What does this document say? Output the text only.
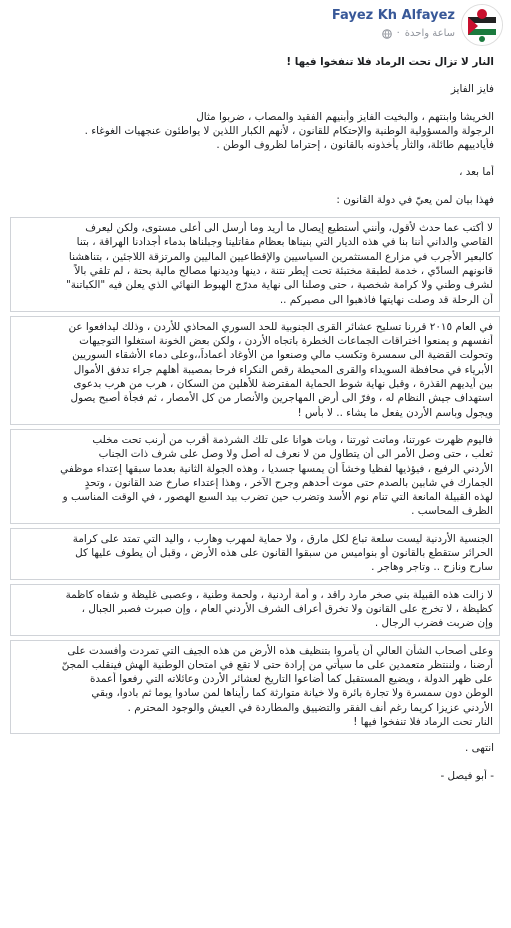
Fayez Kh Alfayez
ساعة واحدة
·
النار لا تزال تحت الرماد فلا تنفخوا فيها !
فايز الفايز
الخريشا وابنتهم ، والبخيت الفايز وأبنيهم الفقيد والمصاب ، ضربوا مثال
الرجولة والمسؤولية الوطنية والإحتكام للقانون ، لأنهم الكبار اللذين لا يواطئون عنجهيات الغوغاء .
فأيادييهم طائلة، والثأر يأخذونه بالقانون ، إحتراما لظروف الوطن .
أما بعد ،
فهذا بيان لمن يعيّ في دولة القانون :
لا أكتب عما حدث لأقول، وأنني أستطيع إيصال ما أريد وما أرسل الى أعلى مستوى، ولكن ليعرف
القاصي والداني أننا بنا في هذه الديار التي بنيناها بعظام مقاتلينا وجبلناها بدماء أجدادنا الهراقة ، بتنا
كالبعير الأجرب في مزارع المستثمرين السياسيين والإقطاعيين الماليين والمرتزقة اللاجئين ، بتناهشنا
قانونهم السادّي ، خدمة لطبقة مختبئة تحت إيطر نتنة ، دينها وديدنها مصالح مالية بحتة ، لم تلقي بالاً
لشرف وطني ولا كرامة شخصية ، حتى وصلنا الى نهاية مدرّج الهبوط النهائي الذي يعلن فيه "الكباتنة"
أن الرحلة قد وصلت نهايتها فاذهبوا الى مصيركم ..
في العام ٢٠١٥ قررنا تسليح عشائر القرى الجنوبية للحد السوري المحاذي للأردن ، وذلك ليدافعوا عن
أنفسهم و يمنعوا اختراقات الجماعات الخطرة باتجاه الأردن ، ولكن بعض الخونة استغلوا التوجيهات
وتحولت القضية الى سمسرة وتكسب مالي وصنعوا من الأوغاد أعماداً،،وعلى دماء الأشقاء السوريين
الأبرياء في محافظة السويداء والقرى المحيطة رقص النكراء فرحا بمصيبة أهلهم جراء تدفق الأموال
بين أيديهم القذرة ، وقبل نهاية شوط الحماية المفترضة للأهلين من السكان ، هرب من هرب بدعوى
استهداف جيش النظام له ، وفرّ الى أرض المهاجرين والأنصار من كل الأمصار ، ثم فجأة أصبح يصول
ويجول وباسم الأردن يفعل ما يشاء .. لا بأس !
فاليوم ظهرت عورتنا، وماتت ثورتنا ، وبات هوانا على تلك الشرذمة أقرب من أرنب تحت مخلب
ثعلب ، حتى وصل الأمر الى أن يتطاول من لا نعرف له أصل ولا وصل على شرف ذات الجناب
الأردني الرفيع ، فيؤذيها لفظيا وخشاً أن يمسها جسديا ، وهذه الجولة الثانية بعدما سبقها إعتداء موظفي
الجمارك في شابين بالصدم حتى موت أحدهم وجرح الآخر ، وهذا إعتداء صارخ ضد القانون ، وتحدٍ
لهذه القبيلة المانعة التي تنام نوم الأسد وتضرب حين تضرب بيد السبع الهصور ، في الوقت المناسب و
الظرف المحاسب .
الجنسية الأردنية ليست سلعة تباع لكل مارق ، ولا حماية لمهرب وهارب ، واليد التي تمتد على كرامة
الحرائر ستقطع بالقانون أو بنواميس من سبقوا القانون على هذه الأرض ، وقبل أن يطوف عليها كل
سارح ونازح .. وتاجر وهاجر .
لا زالت هذه القبيلة بني صخر مارد راقد ، و أمة أردنية ، ولحمة وطنية ، وعصبى غليظة و شفاه كاظمة
كظيظة ، لا تخرج على القانون ولا تخرق أعراف الشرف الأردني العام ، وإن صبرت فصبر الجبال ،
وإن ضربت فضرب الرجال .
وعلى أصحاب الشأن العالي أن يأمروا بتنظيف هذه الأرض من هذه الجيف التي تمردت وأفسدت على
أرضنا ، ولننتظر متعمدين على ما سيأتي من إرادة حتى لا تقع في امتحان الوطنية الهش فينقلب المجنّ
على ظهر الدولة ، ويضيع المستقبل كما أضاعوا التاريخ لعشائر الأردن وعائلاته التي رفعوا أعمدة
الوطن دون سمسرة ولا تجارة بائرة ولا خيانة متوارثة كما رأيناها لمن سادوا يوما ثم بادوا، وبقي
الأردني عزيزا كريما رغم أنف الفقر والتضييق والمطاردة في العيش والوجود المحترم .
النار تحت الرماد فلا تنفخوا فيها !
انتهى .
- أبو فيصل -
